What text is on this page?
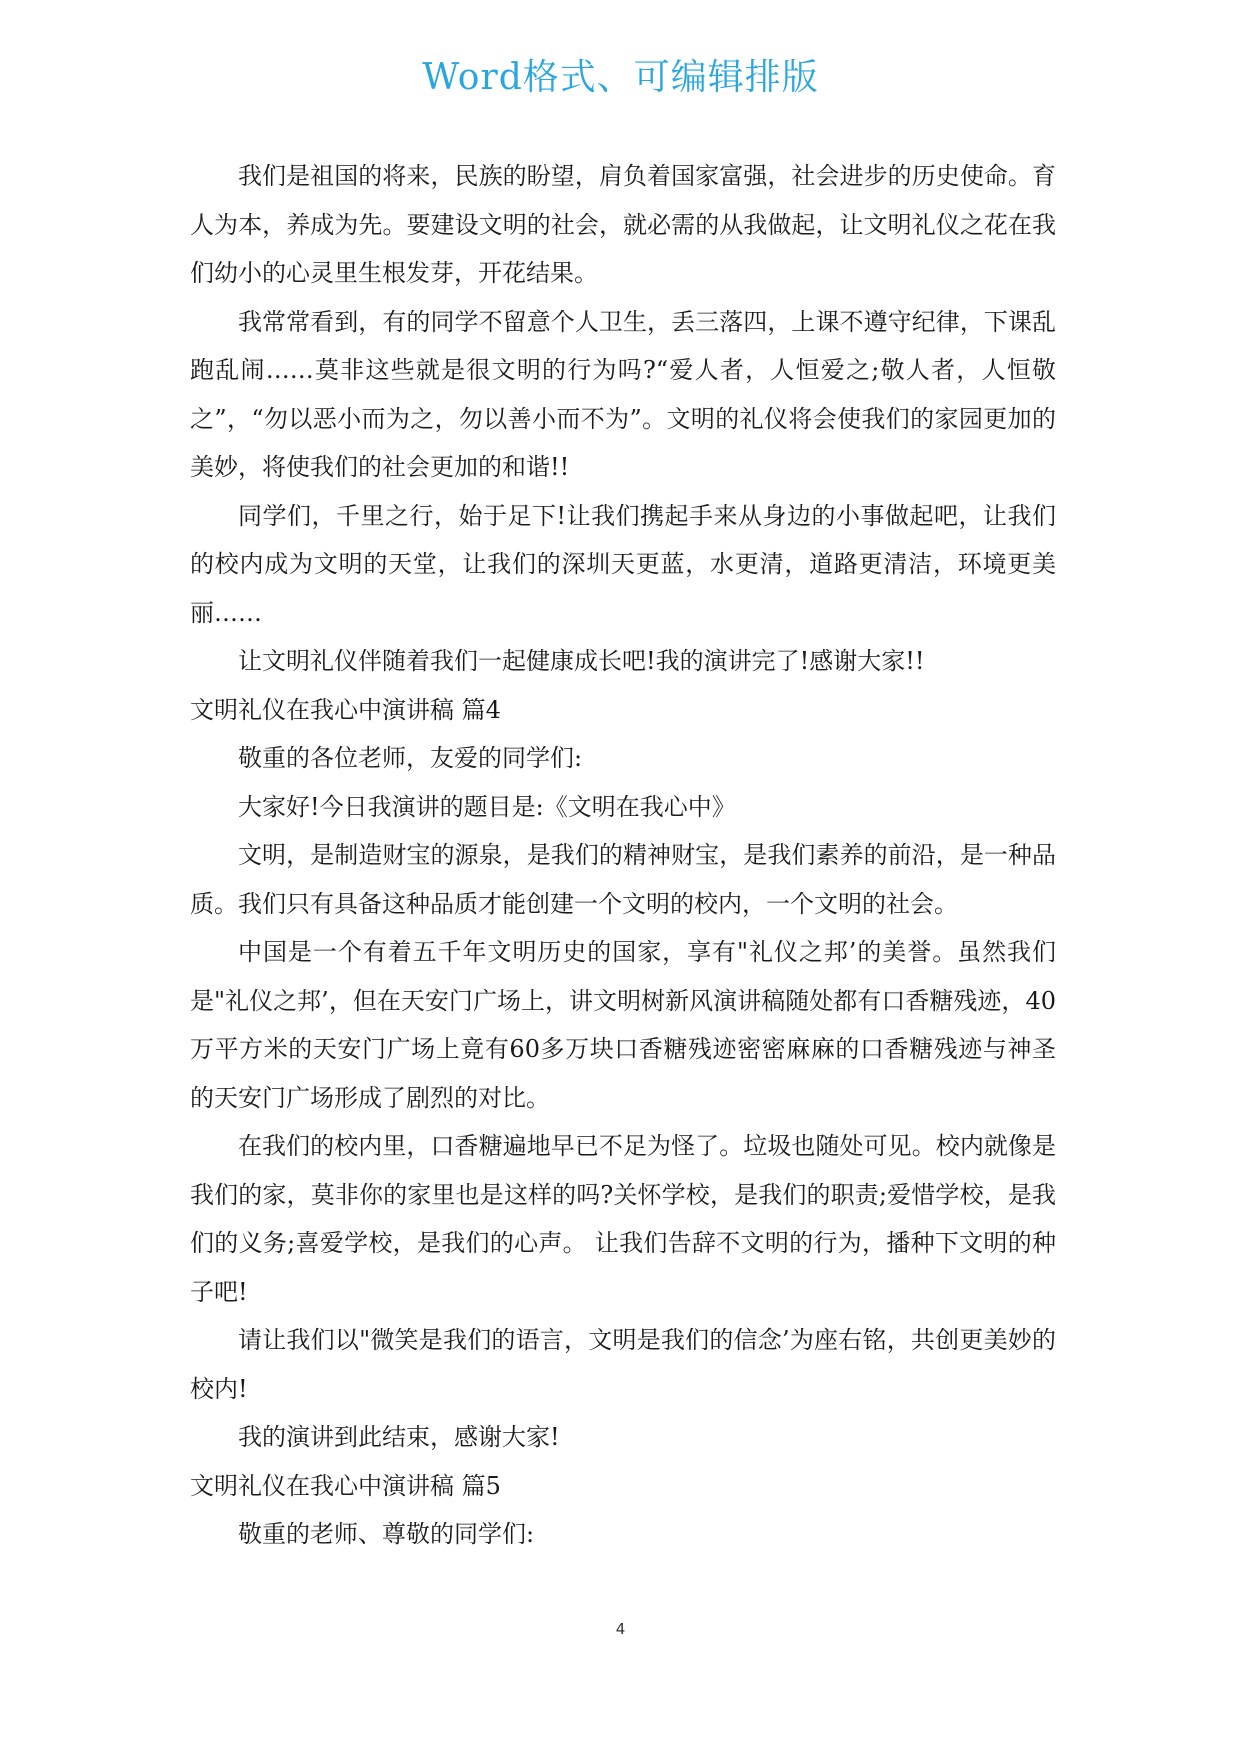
Word格式、可编辑排版

我们是祖国的将来，民族的盼望，肩负着国家富强，社会进步的历史使命。育人为本，养成为先。要建设文明的社会，就必需的从我做起，让文明礼仪之花在我们幼小的心灵里生根发芽，开花结果。

我常常看到，有的同学不留意个人卫生，丢三落四，上课不遵守纪律，下课乱跑乱闹……莫非这些就是很文明的行为吗?“爱人者，人恒爱之;敬人者，人恒敬之”，“勿以恶小而为之，勿以善小而不为”。文明的礼仪将会使我们的家园更加的美妙，将使我们的社会更加的和谐!!

同学们，千里之行，始于足下!让我们携起手来从身边的小事做起吧，让我们的校内成为文明的天堂，让我们的深圳天更蓝，水更清，道路更清洁，环境更美丽……

让文明礼仪伴随着我们一起健康成长吧!我的演讲完了!感谢大家!!

文明礼仪在我心中演讲稿 篇4

敬重的各位老师，友爱的同学们:

大家好!今日我演讲的题目是:《文明在我心中》

文明，是制造财宝的源泉，是我们的精神财宝，是我们素养的前沿，是一种品质。我们只有具备这种品质才能创建一个文明的校内，一个文明的社会。

中国是一个有着五千年文明历史的国家，享有"礼仪之邦’的美誉。虽然我们是"礼仪之邦’，但在天安门广场上，讲文明树新风演讲稿随处都有口香糖残迹，40万平方米的天安门广场上竟有60多万块口香糖残迹密密麻麻的口香糖残迹与神圣的天安门广场形成了剧烈的对比。

在我们的校内里，口香糖遍地早已不足为怪了。垃圾也随处可见。校内就像是我们的家，莫非你的家里也是这样的吗?关怀学校，是我们的职责;爱惜学校，是我们的义务;喜爱学校，是我们的心声。 让我们告辞不文明的行为，播种下文明的种子吧!

请让我们以"微笑是我们的语言，文明是我们的信念’为座右铭，共创更美妙的校内!

我的演讲到此结束，感谢大家!

文明礼仪在我心中演讲稿 篇5

敬重的老师、尊敬的同学们:

4
